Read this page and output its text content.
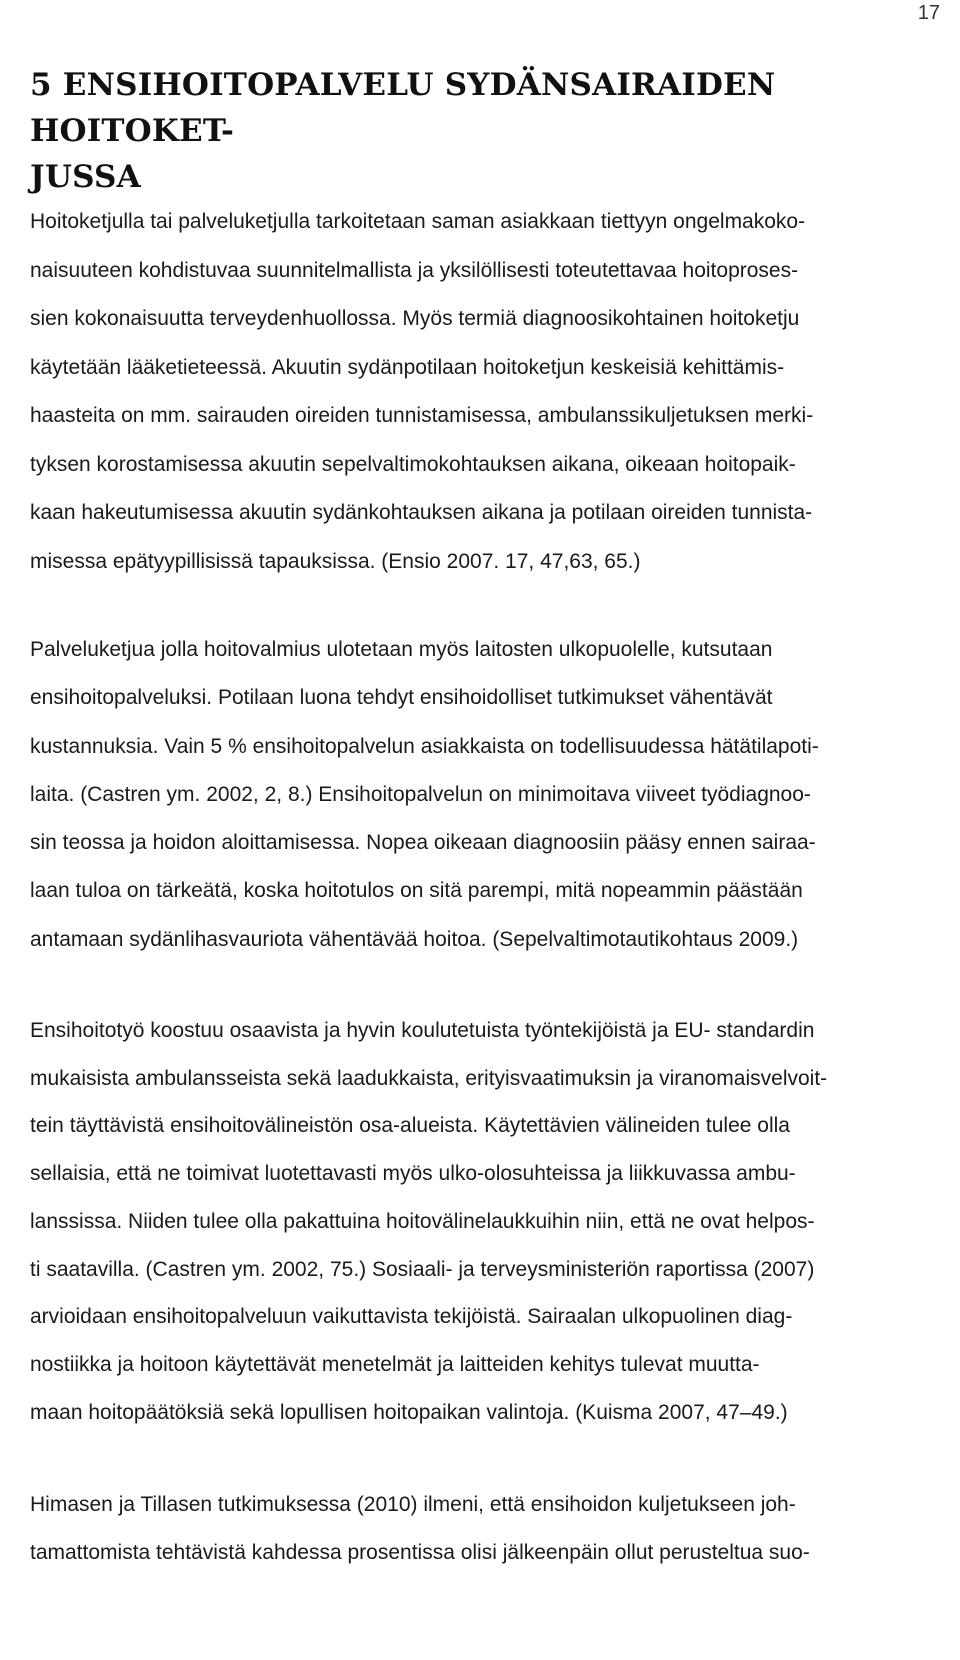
17
5 ENSIHOITOPALVELU SYDÄNSAIRAIDEN HOITOKET-
JUSSA
Hoitoketjulla tai palveluketjulla tarkoitetaan saman asiakkaan tiettyyn ongelmakoko-
naisuuteen kohdistuvaa suunnitelmallista ja yksilöllisesti toteutettavaa hoitoproses-
sien kokonaisuutta terveydenhuollossa. Myös termiä diagnoosikohtainen hoitoketju
käytetään lääketieteessä. Akuutin sydänpotilaan hoitoketjun keskeisiä kehittämis-
haasteita on mm. sairauden oireiden tunnistamisessa, ambulanssikuljetuksen merki-
tyksen korostamisessa akuutin sepelvaltimokohtauksen aikana, oikeaan hoitopaik-
kaan hakeutumisessa akuutin sydänkohtauksen aikana ja potilaan oireiden tunnista-
misessa epätyypillisissä tapauksissa. (Ensio 2007. 17, 47,63, 65.)
Palveluketjua jolla hoitovalmius ulotetaan myös laitosten ulkopuolelle, kutsutaan
ensihoitopalveluksi. Potilaan luona tehdyt ensihoidolliset tutkimukset vähentävät
kustannuksia. Vain 5 % ensihoitopalvelun asiakkaista on todellisuudessa hätätilapoti-
laita. (Castren ym. 2002, 2, 8.) Ensihoitopalvelun on minimoitava viiveet työdiagnoo-
sin teossa ja hoidon aloittamisessa. Nopea oikeaan diagnoosiin pääsy ennen sairaa-
laan tuloa on tärkeätä, koska hoitotulos on sitä parempi, mitä nopeammin päästään
antamaan sydänlihasvauriota vähentävää hoitoa. (Sepelvaltimotautikohtaus 2009.)
Ensihoitotyö koostuu osaavista ja hyvin koulutetuista työntekijöistä ja EU- standardin
mukaisista ambulansseista sekä laadukkaista, erityisvaatimuksin ja viranomaisvelvoit-
tein täyttävistä ensihoitovälineistön osa-alueista. Käytettävien välineiden tulee olla
sellaisia, että ne toimivat luotettavasti myös ulko-olosuhteissa ja liikkuvassa ambu-
lanssissa. Niiden tulee olla pakattuina hoitovälinelaukkuihin niin, että ne ovat helpos-
ti saatavilla. (Castren ym. 2002, 75.) Sosiaali- ja terveysministeriön raportissa (2007)
arvioidaan ensihoitopalveluun vaikuttavista tekijöistä. Sairaalan ulkopuolinen diag-
nostiikka ja hoitoon käytettävät menetelmät ja laitteiden kehitys tulevat muutta-
maan hoitopäätöksiä sekä lopullisen hoitopaikan valintoja. (Kuisma 2007, 47–49.)
Himasen ja Tillasen tutkimuksessa (2010) ilmeni, että ensihoidon kuljetukseen joh-
tamattomista tehtävistä kahdessa prosentissa olisi jälkeenpäin ollut perusteltua suo-
